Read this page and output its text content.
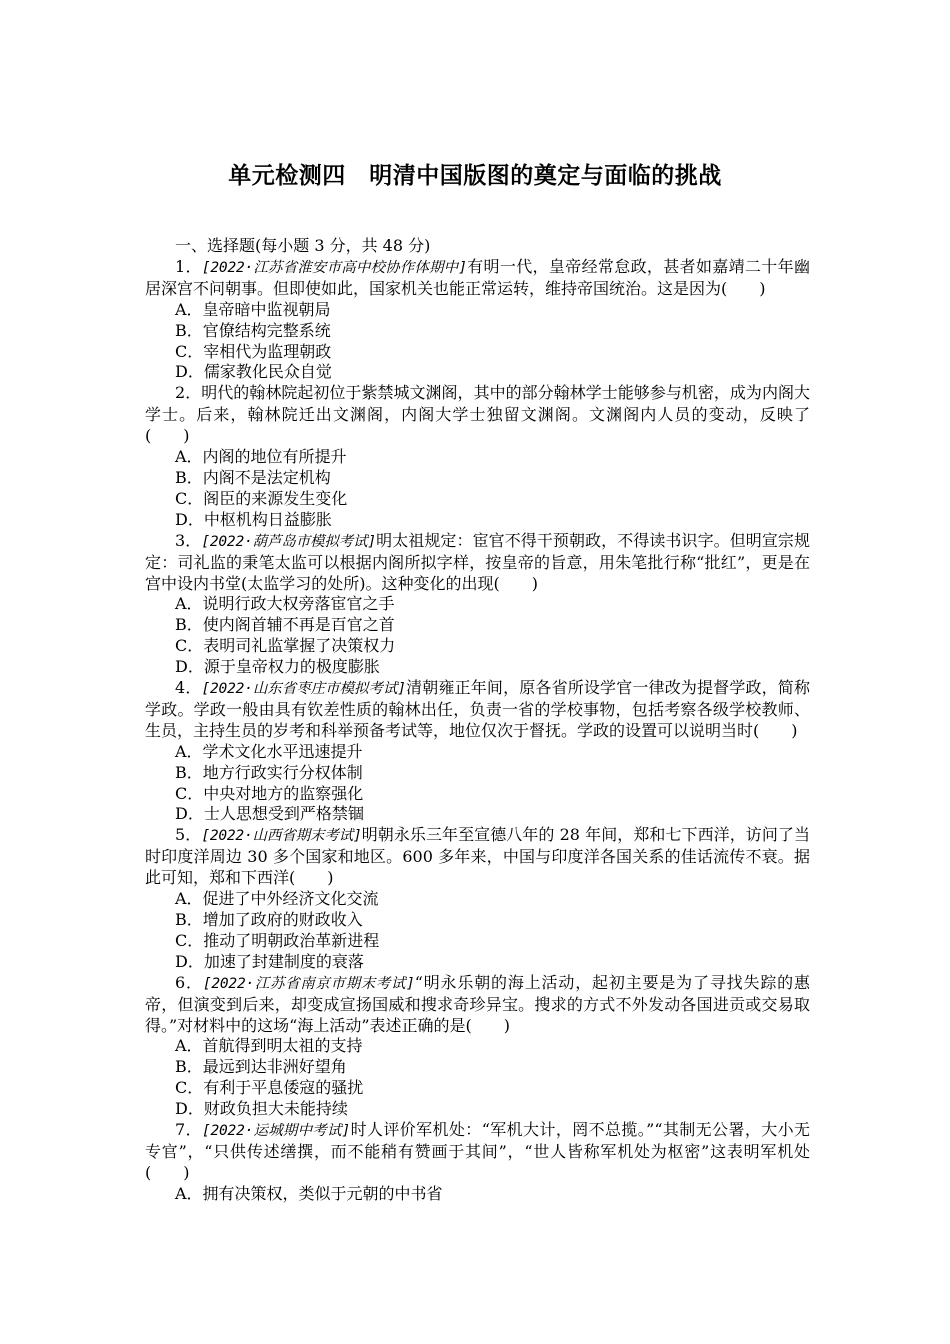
单元检测四　明清中国版图的奠定与面临的挑战

一、选择题(每小题 3 分，共 48 分)

1．[2022·江苏省淮安市高中校协作体期中]有明一代，皇帝经常怠政，甚者如嘉靖二十年幽居深宫不问朝事。但即使如此，国家机关也能正常运转，维持帝国统治。这是因为(　　)

A．皇帝暗中监视朝局

B．官僚结构完整系统

C．宰相代为监理朝政

D．儒家教化民众自觉

2．明代的翰林院起初位于紫禁城文渊阁，其中的部分翰林学士能够参与机密，成为内阁大学士。后来，翰林院迁出文渊阁，内阁大学士独留文渊阁。文渊阁内人员的变动，反映了(　　)

A．内阁的地位有所提升

B．内阁不是法定机构

C．阁臣的来源发生变化

D．中枢机构日益膨胀

3．[2022·葫芦岛市模拟考试]明太祖规定：宦官不得干预朝政，不得读书识字。但明宣宗规定：司礼监的秉笔太监可以根据内阁所拟字样，按皇帝的旨意，用朱笔批行称“批红”，更是在宫中设内书堂(太监学习的处所)。这种变化的出现(　　)

A．说明行政大权旁落宦官之手

B．使内阁首辅不再是百官之首

C．表明司礼监掌握了决策权力

D．源于皇帝权力的极度膨胀

4．[2022·山东省枣庄市模拟考试]清朝雍正年间，原各省所设学官一律改为提督学政，简称学政。学政一般由具有钦差性质的翰林出任，负责一省的学校事物，包括考察各级学校教师、生员，主持生员的岁考和科举预备考试等，地位仅次于督抚。学政的设置可以说明当时(　　)

A．学术文化水平迅速提升

B．地方行政实行分权体制

C．中央对地方的监察强化

D．士人思想受到严格禁锢

5．[2022·山西省期末考试]明朝永乐三年至宣德八年的 28 年间，郑和七下西洋，访问了当时印度洋周边 30 多个国家和地区。600 多年来，中国与印度洋各国关系的佳话流传不衰。据此可知，郑和下西洋(　　)

A．促进了中外经济文化交流

B．增加了政府的财政收入

C．推动了明朝政治革新进程

D．加速了封建制度的衰落

6．[2022·江苏省南京市期末考试]“明永乐朝的海上活动，起初主要是为了寻找失踪的惠帝，但演变到后来，却变成宣扬国威和搜求奇珍异宝。搜求的方式不外发动各国进贡或交易取得。”对材料中的这场“海上活动”表述正确的是(　　)

A．首航得到明太祖的支持

B．最远到达非洲好望角

C．有利于平息倭寇的骚扰

D．财政负担大未能持续

7．[2022·运城期中考试]时人评价军机处：“军机大计，罔不总揽。”“其制无公署，大小无专官”，“只供传述缮撰，而不能稍有赞画于其间”，“世人皆称军机处为枢密”这表明军机处(　　)

A．拥有决策权，类似于元朝的中书省
